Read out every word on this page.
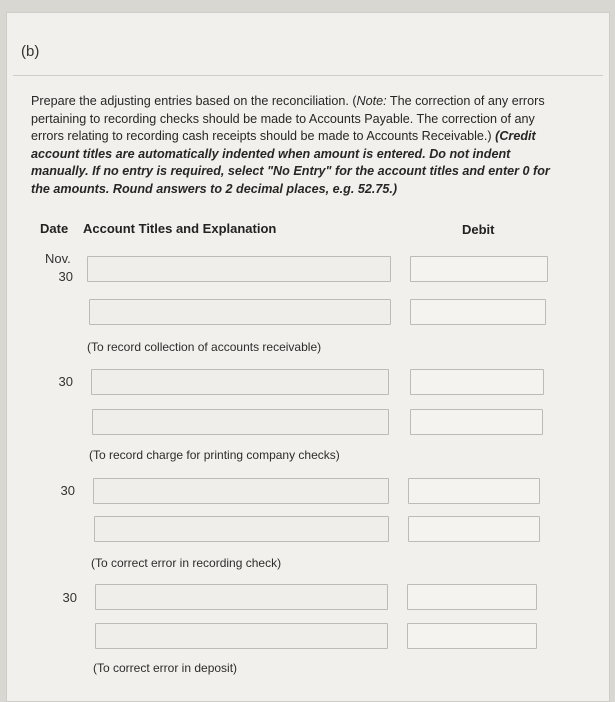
(b)
Prepare the adjusting entries based on the reconciliation. (Note: The correction of any errors pertaining to recording checks should be made to Accounts Payable. The correction of any errors relating to recording cash receipts should be made to Accounts Receivable.) (Credit account titles are automatically indented when amount is entered. Do not indent manually. If no entry is required, select "No Entry" for the account titles and enter 0 for the amounts. Round answers to 2 decimal places, e.g. 52.75.)
Date Account Titles and Explanation	Debit
Nov.
30
(To record collection of accounts receivable)
30
(To record charge for printing company checks)
30
(To correct error in recording check)
30
(To correct error in deposit)
